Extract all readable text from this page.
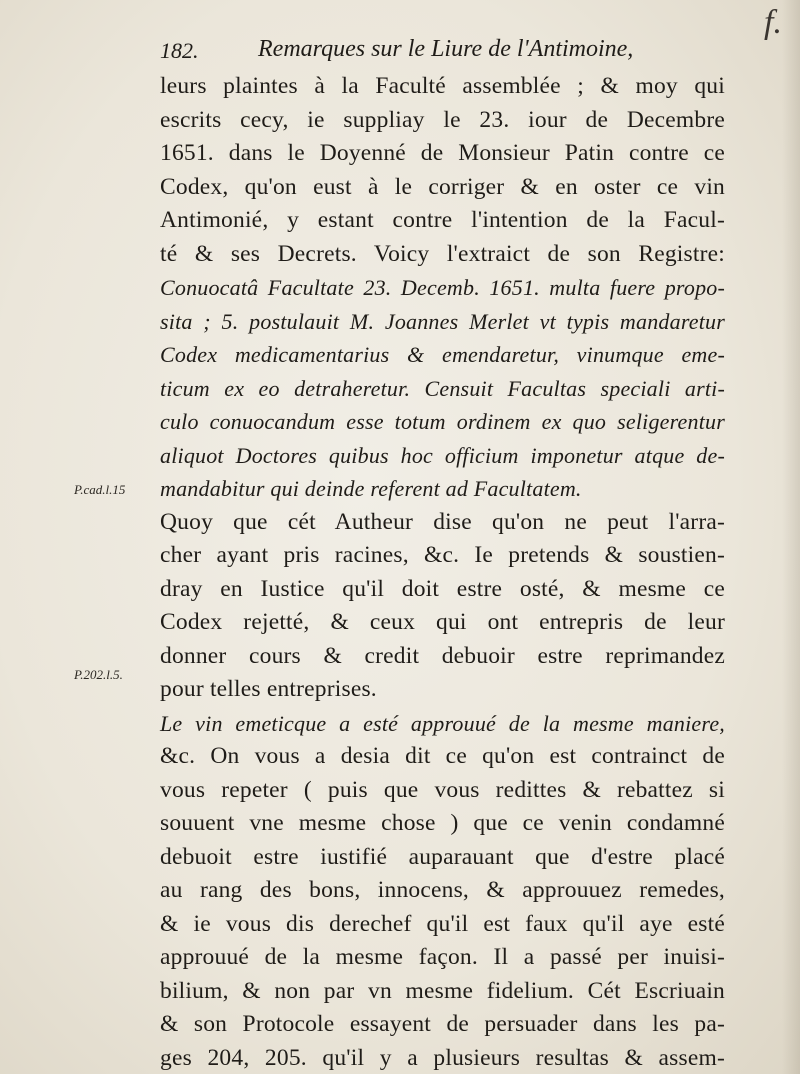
f.
182. Remarques sur le Liure de l'Antimoine,
P.cad.l.15
P.202.l.5.
leurs plaintes à la Faculté assemblée ; & moy qui
escrits cecy, ie suppliay le 23. iour de Decembre
1651. dans le Doyenné de Monsieur Patin contre ce
Codex, qu'on eust à le corriger & en oster ce vin
Antimonié, y estant contre l'intention de la Facul-
té & ses Decrets. Voicy l'extraict de son Registre:
Conuocatâ Facultate 23. Decemb. 1651. multa fuere propo-
sita ; 5. postulauit M. Joannes Merlet vt typis mandaretur
Codex medicamentarius & emendaretur, vinumque eme-
ticum ex eo detraheretur. Censuit Facultas speciali arti-
culo conuocandum esse totum ordinem ex quo seligerentur
aliquot Doctores quibus hoc officium imponetur atque de-
mandabitur qui deinde referent ad Facultatem.
Quoy que cét Autheur dise qu'on ne peut l'arra-
cher ayant pris racines, &c. Ie pretends & soustien-
dray en Iustice qu'il doit estre osté, & mesme ce
Codex rejetté, & ceux qui ont entrepris de leur
donner cours & credit debuoir estre reprimandez
pour telles entreprises.
Le vin emeticque a esté approuué de la mesme maniere,
&c. On vous a desia dit ce qu'on est contrainct de
vous repeter ( puis que vous redittes & rebattez si
souuent vne mesme chose ) que ce venin condamné
debuoit estre iustifié auparauant que d'estre placé
au rang des bons, innocens, & approuuez remedes,
& ie vous dis derechef qu'il est faux qu'il aye esté
approuué de la mesme façon. Il a passé per inuisi-
bilium, & non par vn mesme fidelium. Cét Escriuain
& son Protocole essayent de persuader dans les pa-
ges 204, 205. qu'il y a plusieurs resultas & assem-
